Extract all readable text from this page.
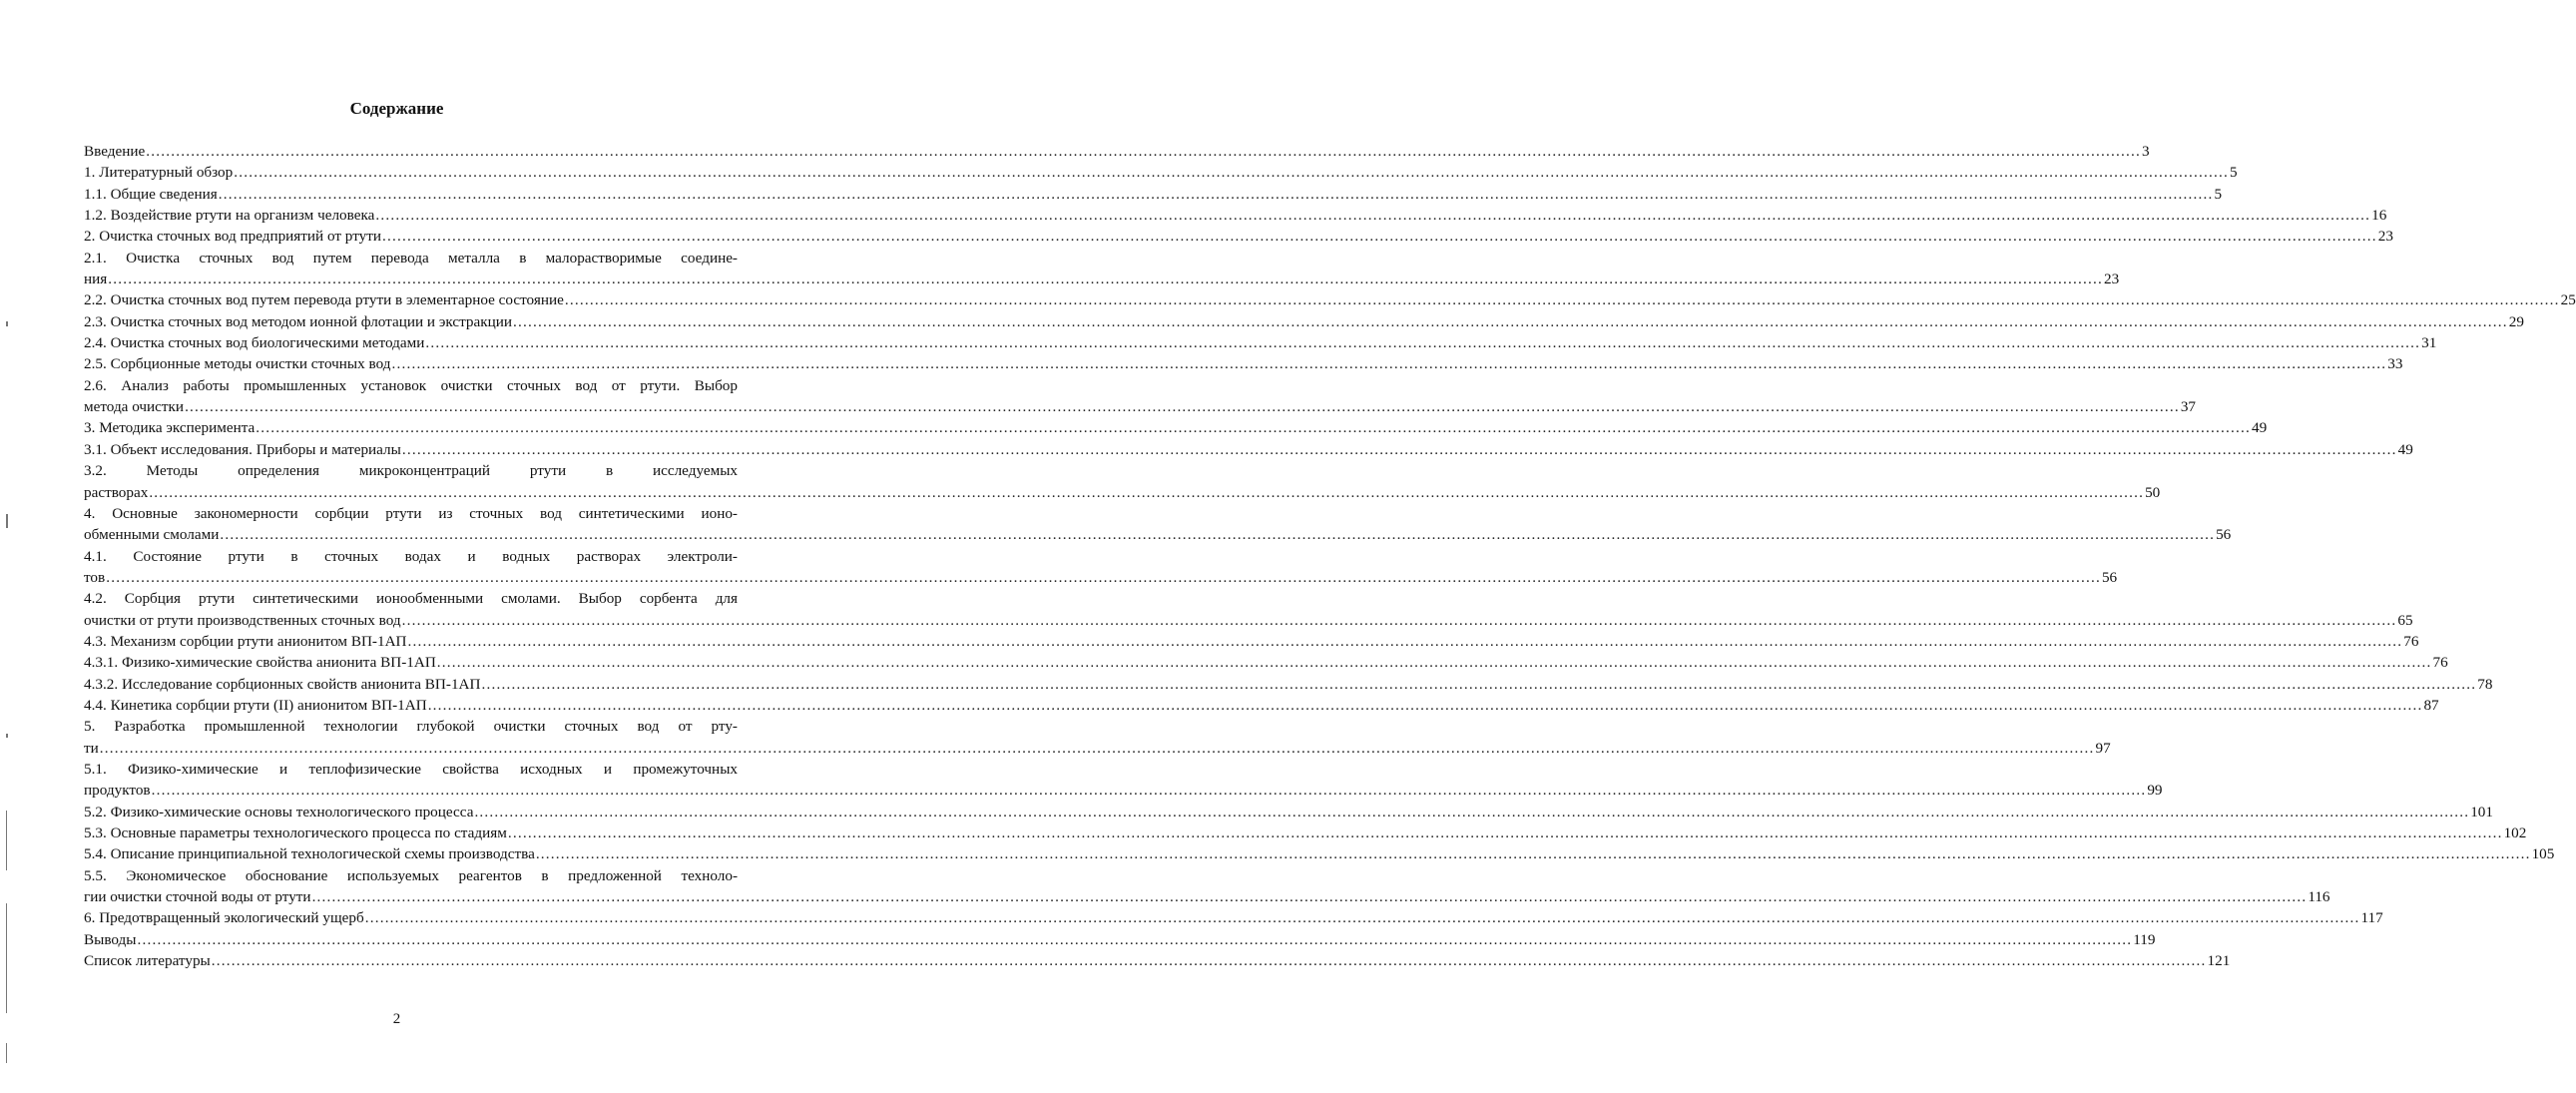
Содержание
Введение ................................................................................................................................................................................................................................................................................................................................................................................................................ 3
1. Литературный обзор ................................................................................................................................................................................................................................................................................................................................................................................................................ 5
1.1. Общие сведения ................................................................................................................................................................................................................................................................................................................................................................................................................ 5
1.2. Воздействие ртути на организм человека ................................................................................................................................................................................................................................................................................................................................................................................................................ 16
2. Очистка сточных вод предприятий от ртути ................................................................................................................................................................................................................................................................................................................................................................................................................ 23
2.1. Очистка сточных вод путем перевода металла в малорастворимые соедине-
ния ................................................................................................................................................................................................................................................................................................................................................................................................................ 23
2.2. Очистка сточных вод путем перевода ртути в элементарное состояние ................................................................................................................................................................................................................................................................................................................................................................................................................ 25
2.3. Очистка сточных вод методом ионной флотации и экстракции ................................................................................................................................................................................................................................................................................................................................................................................................................ 29
2.4. Очистка сточных вод биологическими методами ................................................................................................................................................................................................................................................................................................................................................................................................................ 31
2.5. Сорбционные методы очистки сточных вод ................................................................................................................................................................................................................................................................................................................................................................................................................ 33
2.6. Анализ работы промышленных установок очистки сточных вод от ртути. Выбор
метода очистки ................................................................................................................................................................................................................................................................................................................................................................................................................ 37
3. Методика эксперимента ................................................................................................................................................................................................................................................................................................................................................................................................................ 49
3.1. Объект исследования. Приборы и материалы ................................................................................................................................................................................................................................................................................................................................................................................................................ 49
3.2. Методы определения микроконцентраций ртути в исследуемых
растворах ................................................................................................................................................................................................................................................................................................................................................................................................................ 50
4. Основные закономерности сорбции ртути из сточных вод синтетическими ионо-
обменными смолами ................................................................................................................................................................................................................................................................................................................................................................................................................ 56
4.1. Состояние ртути в сточных водах и водных растворах электроли-
тов ................................................................................................................................................................................................................................................................................................................................................................................................................ 56
4.2. Сорбция ртути синтетическими ионообменными смолами. Выбор сорбента для
очистки от ртути производственных сточных вод ................................................................................................................................................................................................................................................................................................................................................................................................................ 65
4.3. Механизм сорбции ртути анионитом ВП-1АП ................................................................................................................................................................................................................................................................................................................................................................................................................ 76
4.3.1. Физико-химические свойства анионита ВП-1АП ................................................................................................................................................................................................................................................................................................................................................................................................................ 76
4.3.2. Исследование сорбционных свойств анионита ВП-1АП ................................................................................................................................................................................................................................................................................................................................................................................................................ 78
4.4. Кинетика сорбции ртути (II) анионитом ВП-1АП ................................................................................................................................................................................................................................................................................................................................................................................................................ 87
5. Разработка промышленной технологии глубокой очистки сточных вод от рту-
ти ................................................................................................................................................................................................................................................................................................................................................................................................................ 97
5.1. Физико-химические и теплофизические свойства исходных и промежуточных
продуктов ................................................................................................................................................................................................................................................................................................................................................................................................................ 99
5.2. Физико-химические основы технологического процесса ................................................................................................................................................................................................................................................................................................................................................................................................................ 101
5.3. Основные параметры технологического процесса по стадиям ................................................................................................................................................................................................................................................................................................................................................................................................................ 102
5.4. Описание принципиальной технологической схемы производства ................................................................................................................................................................................................................................................................................................................................................................................................................ 105
5.5. Экономическое обоснование используемых реагентов в предложенной техноло-
гии очистки сточной воды от ртути ................................................................................................................................................................................................................................................................................................................................................................................................................ 116
6. Предотвращенный экологический ущерб ................................................................................................................................................................................................................................................................................................................................................................................................................ 117
Выводы ................................................................................................................................................................................................................................................................................................................................................................................................................ 119
Список литературы ................................................................................................................................................................................................................................................................................................................................................................................................................ 121
2
